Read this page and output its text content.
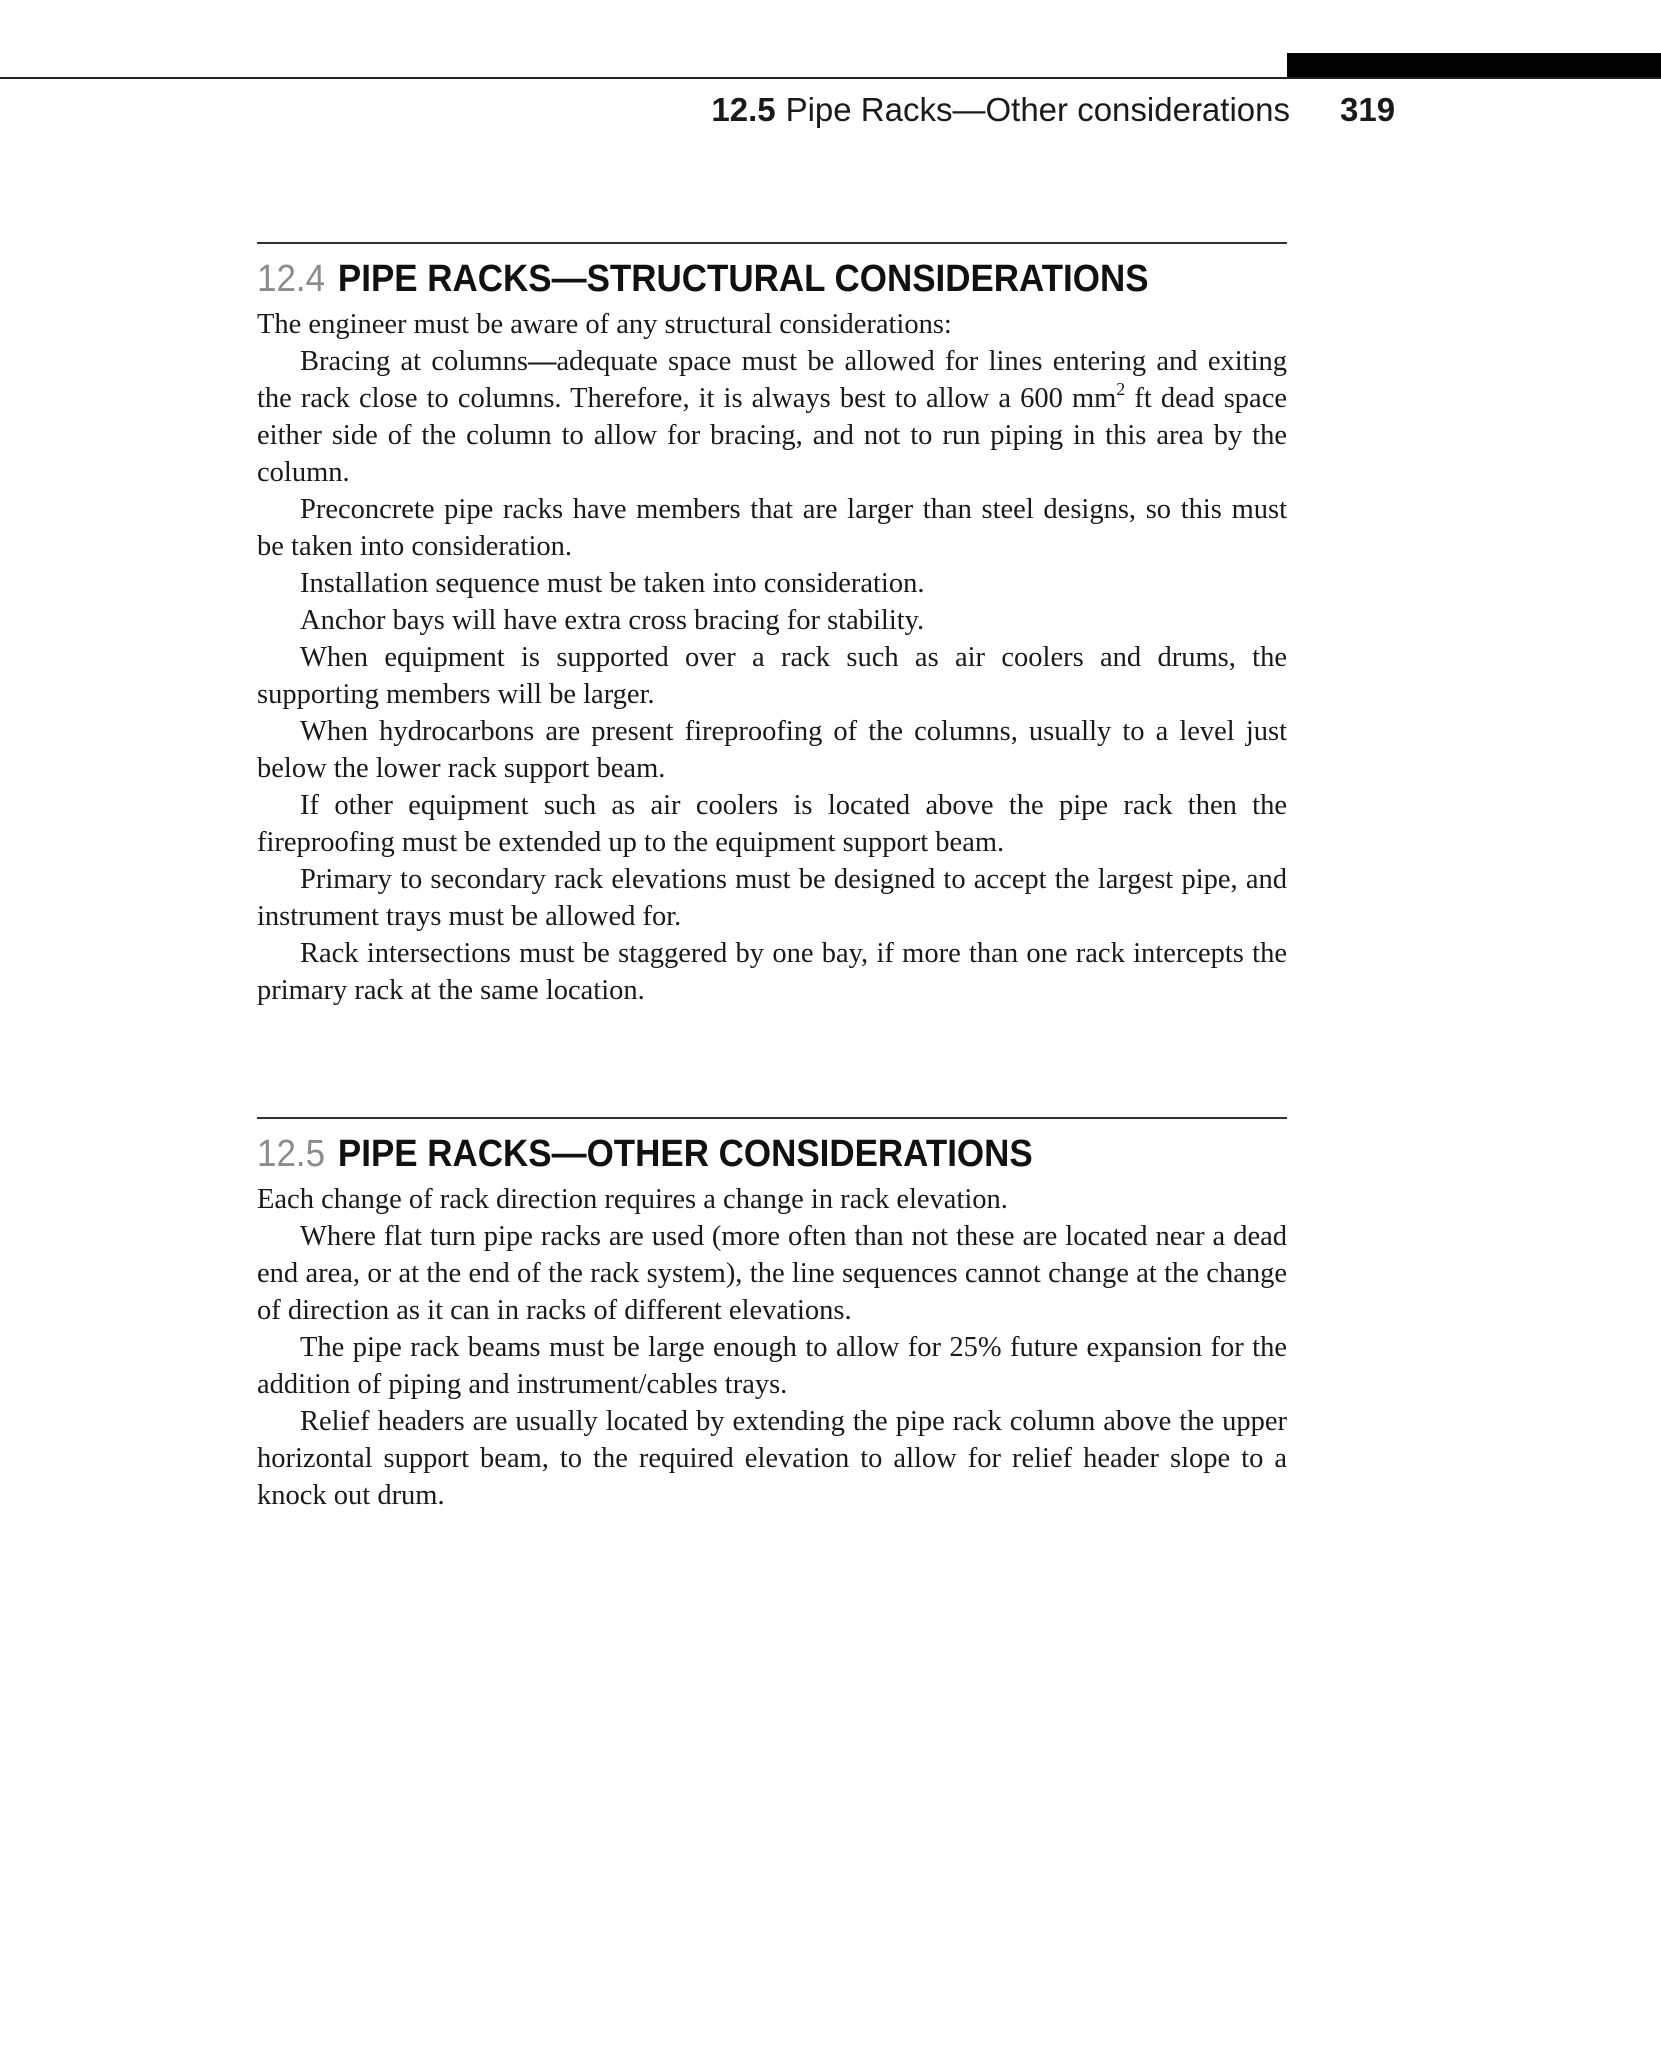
12.5 Pipe Racks—Other considerations 319
12.4 PIPE RACKS—STRUCTURAL CONSIDERATIONS

The engineer must be aware of any structural considerations:

Bracing at columns—adequate space must be allowed for lines entering and exiting the rack close to columns. Therefore, it is always best to allow a 600 $mm^2$ ft dead space either side of the column to allow for bracing, and not to run piping in this area by the column.

Preconcrete pipe racks have members that are larger than steel designs, so this must be taken into consideration.

Installation sequence must be taken into consideration.

Anchor bays will have extra cross bracing for stability.

When equipment is supported over a rack such as air coolers and drums, the supporting members will be larger.

When hydrocarbons are present fireproofing of the columns, usually to a level just below the lower rack support beam.

If other equipment such as air coolers is located above the pipe rack then the fireproofing must be extended up to the equipment support beam.

Primary to secondary rack elevations must be designed to accept the largest pipe, and instrument trays must be allowed for.

Rack intersections must be staggered by one bay, if more than one rack intercepts the primary rack at the same location.

12.5 PIPE RACKS—OTHER CONSIDERATIONS

Each change of rack direction requires a change in rack elevation.

Where flat turn pipe racks are used (more often than not these are located near a dead end area, or at the end of the rack system), the line sequences cannot change at the change of direction as it can in racks of different elevations.

The pipe rack beams must be large enough to allow for 25% future expansion for the addition of piping and instrument/cables trays.

Relief headers are usually located by extending the pipe rack column above the upper horizontal support beam, to the required elevation to allow for relief header slope to a knock out drum.
